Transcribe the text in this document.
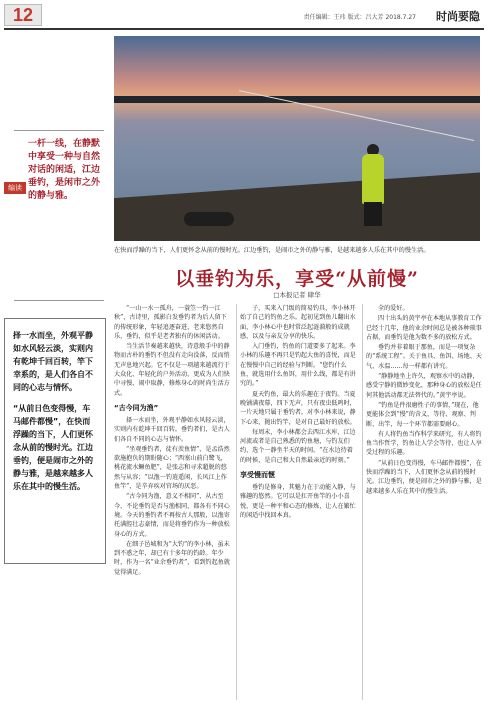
12	责任编辑：王玮 版式：吕大芳 2018.7.27 时尚要隐
一杆一线，在静默中享受一种与自然对话的闲适，江边垂钓，是闲市之外的静与雅。
编读

择一水而坐，外观平静如水风轻云淡，实则内有乾坤千回百转，竿下幸系的，是人们各自不同的心志与情怀。

“从前日色变得慢，车马邮件都慢”，在快而浮躁的当下，人们更怀念从前的慢时光。江边垂钓，便是闹市之外的静与雅，是越来越多人乐在其中的慢生活。

在快而浮躁的当下，人们更怀念从前的慢时光。江边垂钓，是闹市之外的静与雅，是越来越多人乐在其中的慢生活。
以垂钓为乐，享受“从前慢”
□本报记者 肆华

“一山一水一孤舟，一蓑笠一钓一江秋”，古诗里，孤影白发垂钓者为后人留下的传统形象，年轻追逐奋进，老来悠然自乐，垂钓，似乎是老者独有的休闲活动。

当生活节奏越来越快，诗意般手中的静物而古朴的垂钓不但没有走向没落，反而悄无声息地兴起。它不仅是一项越来越流行于大众化、年轻化的户外活动，更成为人们快中寻慢、闹中取静，修炼身心的时尚生活方式。

“古今同为渔”

择一水而坐，外观平静如水风轻云淡，实则内有乾坤千回百转。垂钓者们，是古人们各自不同的心志与情怀。

“坐观垂钓者，徒有羡鱼情”，是孟浩然欲施抱负的期盼随心；“西塞山前白鹭飞，桃花流水鳜鱼肥”，是张志和寻求超脱的悠然与从容；“以渔一钓逍遥闲，长风江上作鱼竿”，是辛弃疾对官场的厌恶。

“古今同为渔，意义不相同”，从古至今，不论垂钓是否与渔相同，都各有不同心境。今天的垂钓者不再按古人那般，以渔寄托满腔壮志豪情，而是将垂钓作为一种放松身心的方式。

在细子邑城和为“大钓”的李小林，虽未到不惑之年，却已有十多年的钓龄。年少时，作为一名“业余垂钓者”，看到钓起鱼就觉得满足。

子，买来入门级的简易钓具，李小林开始了自己的钓鱼之乐。起初见到鱼儿翻出水面，李小林心中也时常泛起涟漪般的成就感，以及与亲友分享的快乐。

入门垂钓，钓鱼的门道要多了起来。李小林的乐趣不再只是钓起大鱼的喜悦，而是在慢慢中自己的经验与判断。“您钓什么鱼，就选用什么鱼饵，用什么线，都是有讲究的。”

夏天钓鱼，最大的乐趣在于夜钓。当夏晚铺满夜幕，四下无声，只有夜虫低鸣时，一片天地只属于垂钓者。对李小林来说，静下心来，抛出钓竿，是对自己最好的放松。

每周末，李小林都会去西江水库、江边河流或者是自己熟悉的钓鱼塘，与钓友们约，选个一静坐半天的时间。“在水边待着的时候，是自己和大自然最亲近的时刻。”

享受慢而惬

垂钓是修身，其魅力在于动能入静，与雅趣的悠然。它可以是扛开鱼竿的小小喜悦，更是一种平和心态的修炼，让人在繁忙的闲适中找回本真。

全的爱好。

四十出头的黄宇亭在本地从事教育工作已经十几年，他的业余时间总是被各种琐事占据，而垂钓是他为数不多的放松方式。

垂钓并非着眼于那鱼，而是一项复杂的“系统工程”。关于鱼具、鱼饵、场地、天气、水温……每一样都有讲究。

“静静地坐上许久，观察水中的动静，感受宁静的微妙变化，那种身心的放松是任何其他活动都无法替代的。”黄宇亭说。

“钓鱼是件很磨性子的事情，”现在，他更能体会到“慢”的含义，等待、观察、判断、出竿，每一个环节都需要耐心。

有人将钓鱼当作科学来研究，有人将钓鱼当作哲学，钓鱼让人学会等待，也让人享受过程的乐趣。

“从前日色变得慢，车马邮件都慢”，在快而浮躁的当下，人们更怀念从前的慢时光。江边垂钓，便是闹市之外的静与雅，是越来越多人乐在其中的慢生活。
